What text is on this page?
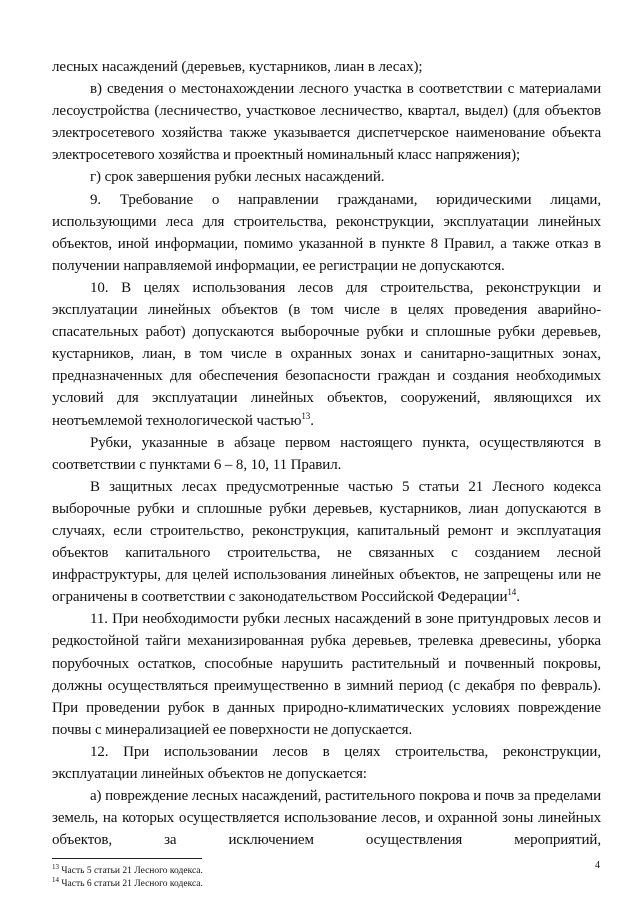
лесных насаждений (деревьев, кустарников, лиан в лесах);

в) сведения о местонахождении лесного участка в соответствии с материалами лесоустройства (лесничество, участковое лесничество, квартал, выдел) (для объектов электросетевого хозяйства также указывается диспетчерское наименование объекта электросетевого хозяйства и проектный номинальный класс напряжения);

г) срок завершения рубки лесных насаждений.

9. Требование о направлении гражданами, юридическими лицами, использующими леса для строительства, реконструкции, эксплуатации линейных объектов, иной информации, помимо указанной в пункте 8 Правил, а также отказ в получении направляемой информации, ее регистрации не допускаются.

10. В целях использования лесов для строительства, реконструкции и эксплуатации линейных объектов (в том числе в целях проведения аварийно-спасательных работ) допускаются выборочные рубки и сплошные рубки деревьев, кустарников, лиан, в том числе в охранных зонах и санитарно-защитных зонах, предназначенных для обеспечения безопасности граждан и создания необходимых условий для эксплуатации линейных объектов, сооружений, являющихся их неотъемлемой технологической частью$^{13}$.

Рубки, указанные в абзаце первом настоящего пункта, осуществляются в соответствии с пунктами 6 – 8, 10, 11 Правил.

В защитных лесах предусмотренные частью 5 статьи 21 Лесного кодекса выборочные рубки и сплошные рубки деревьев, кустарников, лиан допускаются в случаях, если строительство, реконструкция, капитальный ремонт и эксплуатация объектов капитального строительства, не связанных с созданием лесной инфраструктуры, для целей использования линейных объектов, не запрещены или не ограничены в соответствии с законодательством Российской Федерации$^{14}$.

11. При необходимости рубки лесных насаждений в зоне притундровых лесов и редкостойной тайги механизированная рубка деревьев, трелевка древесины, уборка порубочных остатков, способные нарушить растительный и почвенный покровы, должны осуществляться преимущественно в зимний период (с декабря по февраль). При проведении рубок в данных природно-климатических условиях повреждение почвы с минерализацией ее поверхности не допускается.

12. При использовании лесов в целях строительства, реконструкции, эксплуатации линейных объектов не допускается:

а) повреждение лесных насаждений, растительного покрова и почв за пределами земель, на которых осуществляется использование лесов, и охранной зоны линейных объектов, за исключением осуществления мероприятий,

$^{13}$ Часть 5 статьи 21 Лесного кодекса.

$^{14}$ Часть 6 статьи 21 Лесного кодекса.

4
